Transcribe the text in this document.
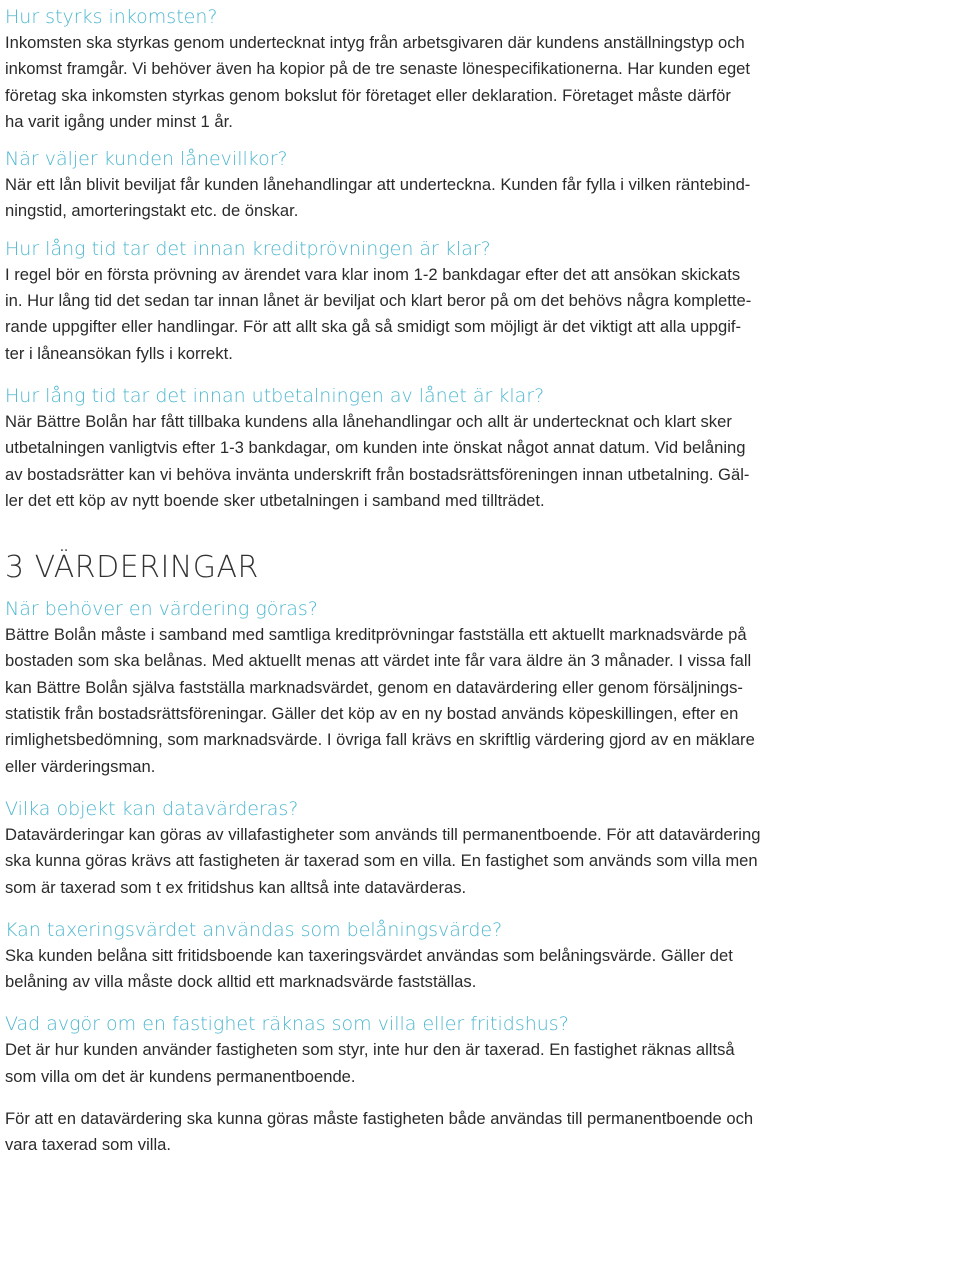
Hur styrks inkomsten?
Inkomsten ska styrkas genom undertecknat intyg från arbetsgivaren där kundens anställningstyp och
inkomst framgår. Vi behöver även ha kopior på de tre senaste lönespecifikationerna. Har kunden eget
företag ska inkomsten styrkas genom bokslut för företaget eller deklaration. Företaget måste därför
ha varit igång under minst 1 år.
När väljer kunden lånevillkor?
När ett lån blivit beviljat får kunden lånehandlingar att underteckna. Kunden får fylla i vilken räntebind-
ningstid, amorteringstakt etc. de önskar.
Hur lång tid tar det innan kreditprövningen är klar?
I regel bör en första prövning av ärendet vara klar inom 1-2 bankdagar efter det att ansökan skickats
in. Hur lång tid det sedan tar innan lånet är beviljat och klart beror på om det behövs några komplette-
rande uppgifter eller handlingar. För att allt ska gå så smidigt som möjligt är det viktigt att alla uppgif-
ter i låneansökan fylls i korrekt.
Hur lång tid tar det innan utbetalningen av lånet är klar?
När Bättre Bolån har fått tillbaka kundens alla lånehandlingar och allt är undertecknat och klart sker
utbetalningen vanligtvis efter 1-3 bankdagar, om kunden inte önskat något annat datum. Vid belåning
av bostadsrätter kan vi behöva invänta underskrift från bostadsrättsföreningen innan utbetalning. Gäl-
ler det ett köp av nytt boende sker utbetalningen i samband med tillträdet.
3 VÄRDERINGAR
När behöver en värdering göras?
Bättre Bolån måste i samband med samtliga kreditprövningar fastställa ett aktuellt marknadsvärde på
bostaden som ska belånas. Med aktuellt menas att värdet inte får vara äldre än 3 månader. I vissa fall
kan Bättre Bolån själva fastställa marknadsvärdet, genom en datavärdering eller genom försäljnings-
statistik från bostadsrättsföreningar. Gäller det köp av en ny bostad används köpeskillingen, efter en
rimlighetsbedömning, som marknadsvärde. I övriga fall krävs en skriftlig värdering gjord av en mäklare
eller värderingsman.
Vilka objekt kan datavärderas?
Datavärderingar kan göras av villafastigheter som används till permanentboende. För att datavärdering
ska kunna göras krävs att fastigheten är taxerad som en villa. En fastighet som används som villa men
som är taxerad som t ex fritidshus kan alltså inte datavärderas.
Kan taxeringsvärdet användas som belåningsvärde?
Ska kunden belåna sitt fritidsboende kan taxeringsvärdet användas som belåningsvärde. Gäller det
belåning av villa måste dock alltid ett marknadsvärde fastställas.
Vad avgör om en fastighet räknas som villa eller fritidshus?
Det är hur kunden använder fastigheten som styr, inte hur den är taxerad. En fastighet räknas alltså
som villa om det är kundens permanentboende.
För att en datavärdering ska kunna göras måste fastigheten både användas till permanentboende och
vara taxerad som villa.
